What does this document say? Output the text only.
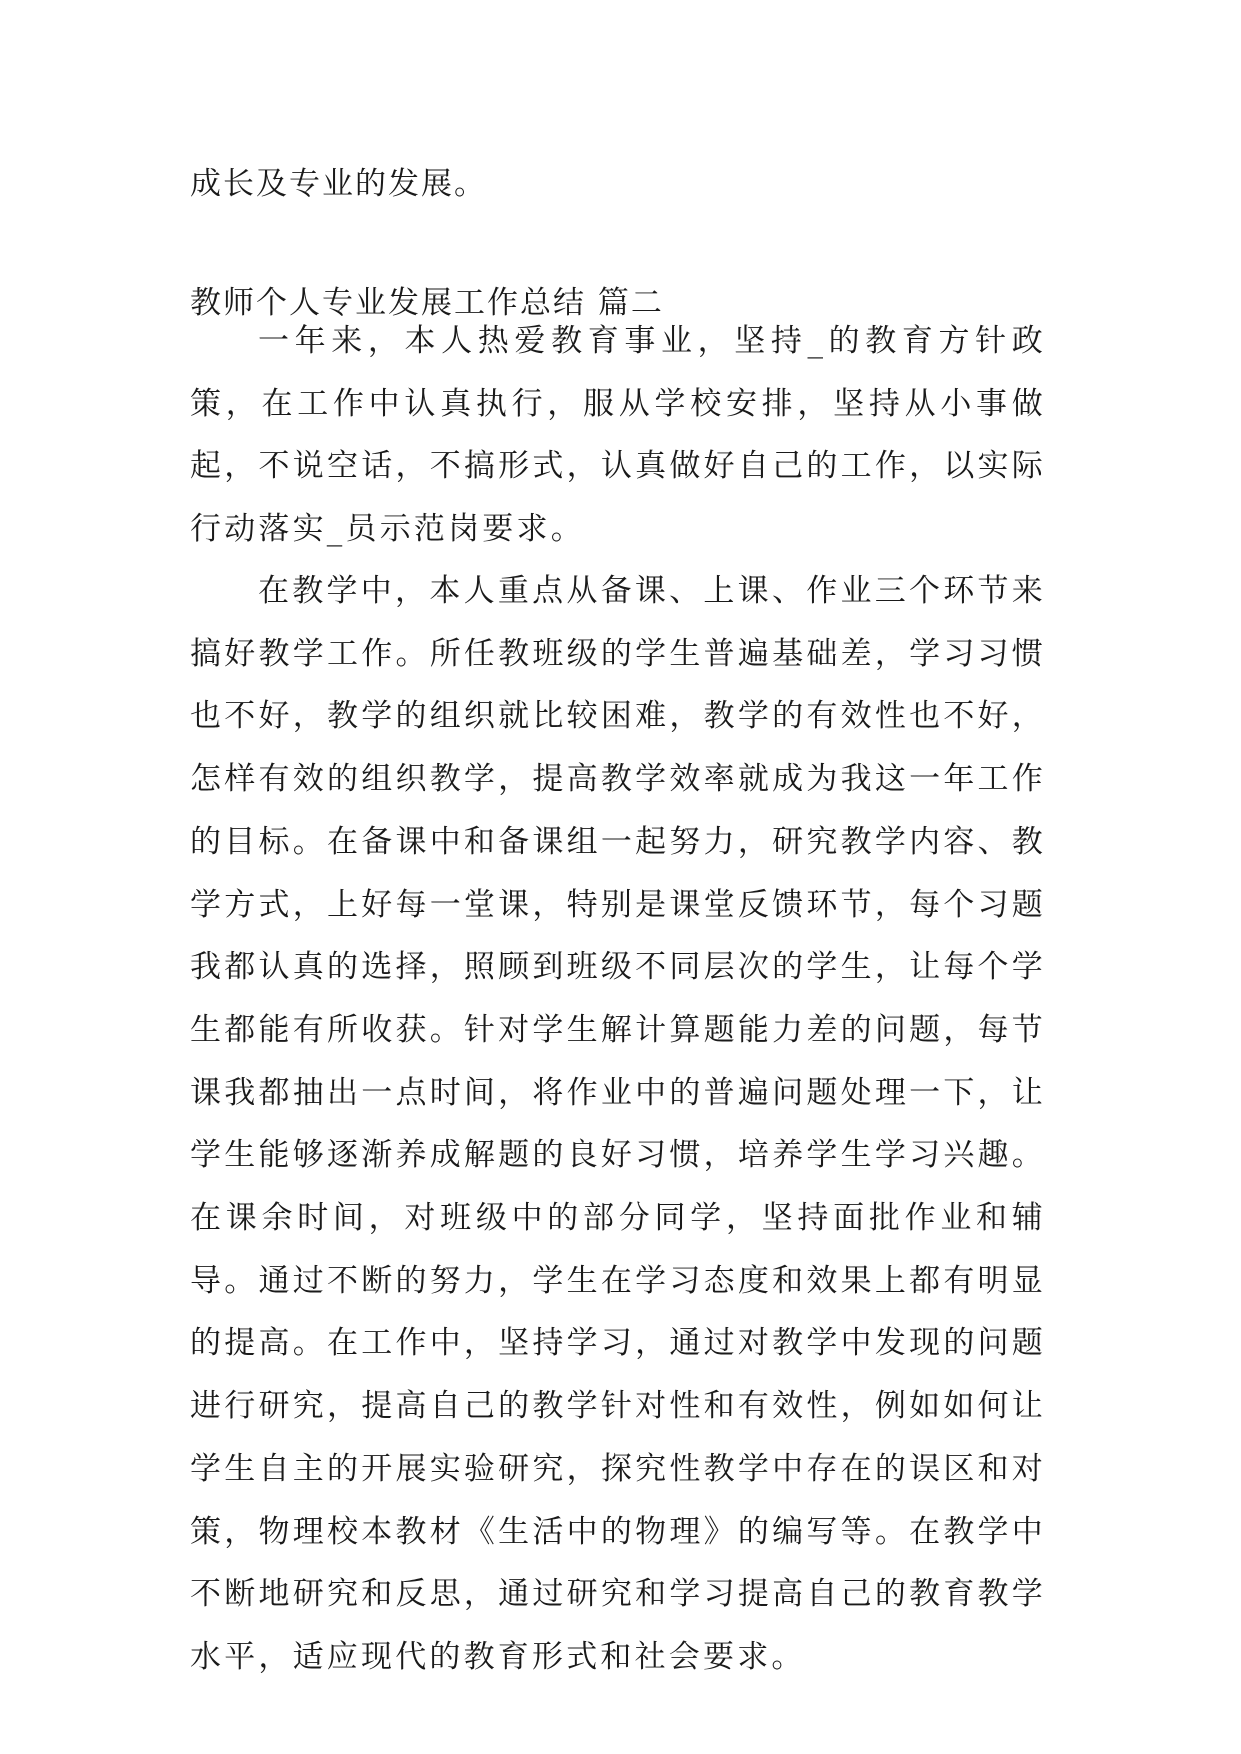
成长及专业的发展。
教师个人专业发展工作总结 篇二

一年来，本人热爱教育事业，坚持_的教育方针政策，在工作中认真执行，服从学校安排，坚持从小事做起，不说空话，不搞形式，认真做好自己的工作，以实际行动落实_员示范岗要求。

在教学中，本人重点从备课、上课、作业三个环节来搞好教学工作。所任教班级的学生普遍基础差，学习习惯也不好，教学的组织就比较困难，教学的有效性也不好，怎样有效的组织教学，提高教学效率就成为我这一年工作的目标。在备课中和备课组一起努力，研究教学内容、教学方式，上好每一堂课，特别是课堂反馈环节，每个习题我都认真的选择，照顾到班级不同层次的学生，让每个学生都能有所收获。针对学生解计算题能力差的问题，每节课我都抽出一点时间，将作业中的普遍问题处理一下，让学生能够逐渐养成解题的良好习惯，培养学生学习兴趣。在课余时间，对班级中的部分同学，坚持面批作业和辅导。通过不断的努力，学生在学习态度和效果上都有明显的提高。在工作中，坚持学习，通过对教学中发现的问题进行研究，提高自己的教学针对性和有效性，例如如何让学生自主的开展实验研究，探究性教学中存在的误区和对策，物理校本教材《生活中的物理》的编写等。在教学中不断地研究和反思，通过研究和学习提高自己的教育教学水平，适应现代的教育形式和社会要求。
